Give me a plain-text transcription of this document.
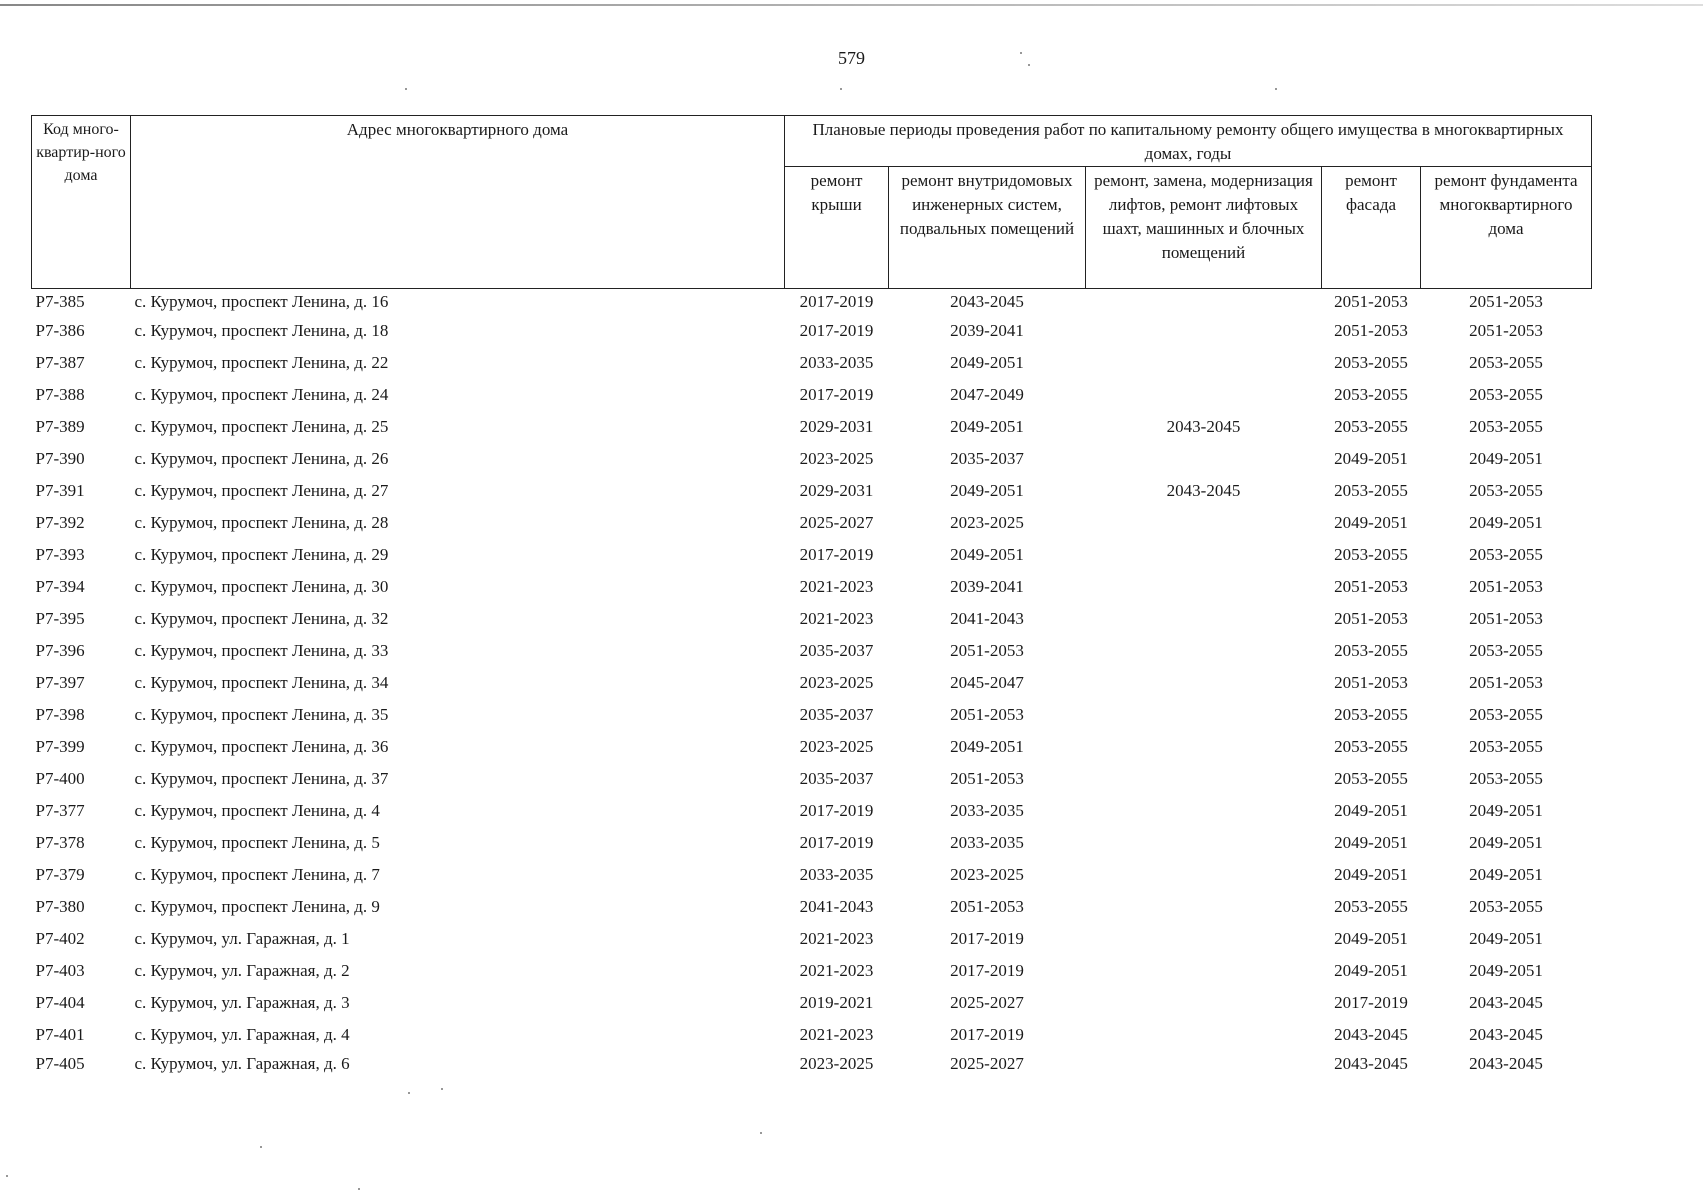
579
Код много-квартир-ного дома	Адрес многоквартирного дома	Плановые периоды проведения работ по капитальному ремонту общего имущества в многоквартирных домах, годы				
		ремонт крыши	ремонт внутридомовых инженерных систем, подвальных помещений	ремонт, замена, модернизация лифтов, ремонт лифтовых шахт, машинных и блочных помещений	ремонт фасада	ремонт фундамента многоквартирного дома
Р7-385	с. Курумоч, проспект Ленина, д. 16	2017-2019	2043-2045		2051-2053	2051-2053
Р7-386	с. Курумоч, проспект Ленина, д. 18	2017-2019	2039-2041		2051-2053	2051-2053
Р7-387	с. Курумоч, проспект Ленина, д. 22	2033-2035	2049-2051		2053-2055	2053-2055
Р7-388	с. Курумоч, проспект Ленина, д. 24	2017-2019	2047-2049		2053-2055	2053-2055
Р7-389	с. Курумоч, проспект Ленина, д. 25	2029-2031	2049-2051	2043-2045	2053-2055	2053-2055
Р7-390	с. Курумоч, проспект Ленина, д. 26	2023-2025	2035-2037		2049-2051	2049-2051
Р7-391	с. Курумоч, проспект Ленина, д. 27	2029-2031	2049-2051	2043-2045	2053-2055	2053-2055
Р7-392	с. Курумоч, проспект Ленина, д. 28	2025-2027	2023-2025		2049-2051	2049-2051
Р7-393	с. Курумоч, проспект Ленина, д. 29	2017-2019	2049-2051		2053-2055	2053-2055
Р7-394	с. Курумоч, проспект Ленина, д. 30	2021-2023	2039-2041		2051-2053	2051-2053
Р7-395	с. Курумоч, проспект Ленина, д. 32	2021-2023	2041-2043		2051-2053	2051-2053
Р7-396	с. Курумоч, проспект Ленина, д. 33	2035-2037	2051-2053		2053-2055	2053-2055
Р7-397	с. Курумоч, проспект Ленина, д. 34	2023-2025	2045-2047		2051-2053	2051-2053
Р7-398	с. Курумоч, проспект Ленина, д. 35	2035-2037	2051-2053		2053-2055	2053-2055
Р7-399	с. Курумоч, проспект Ленина, д. 36	2023-2025	2049-2051		2053-2055	2053-2055
Р7-400	с. Курумоч, проспект Ленина, д. 37	2035-2037	2051-2053		2053-2055	2053-2055
Р7-377	с. Курумоч, проспект Ленина, д. 4	2017-2019	2033-2035		2049-2051	2049-2051
Р7-378	с. Курумоч, проспект Ленина, д. 5	2017-2019	2033-2035		2049-2051	2049-2051
Р7-379	с. Курумоч, проспект Ленина, д. 7	2033-2035	2023-2025		2049-2051	2049-2051
Р7-380	с. Курумоч, проспект Ленина, д. 9	2041-2043	2051-2053		2053-2055	2053-2055
Р7-402	с. Курумоч, ул. Гаражная, д. 1	2021-2023	2017-2019		2049-2051	2049-2051
Р7-403	с. Курумоч, ул. Гаражная, д. 2	2021-2023	2017-2019		2049-2051	2049-2051
Р7-404	с. Курумоч, ул. Гаражная, д. 3	2019-2021	2025-2027		2017-2019	2043-2045
Р7-401	с. Курумоч, ул. Гаражная, д. 4	2021-2023	2017-2019		2043-2045	2043-2045
Р7-405	с. Курумоч, ул. Гаражная, д. 6	2023-2025	2025-2027		2043-2045	2043-2045
